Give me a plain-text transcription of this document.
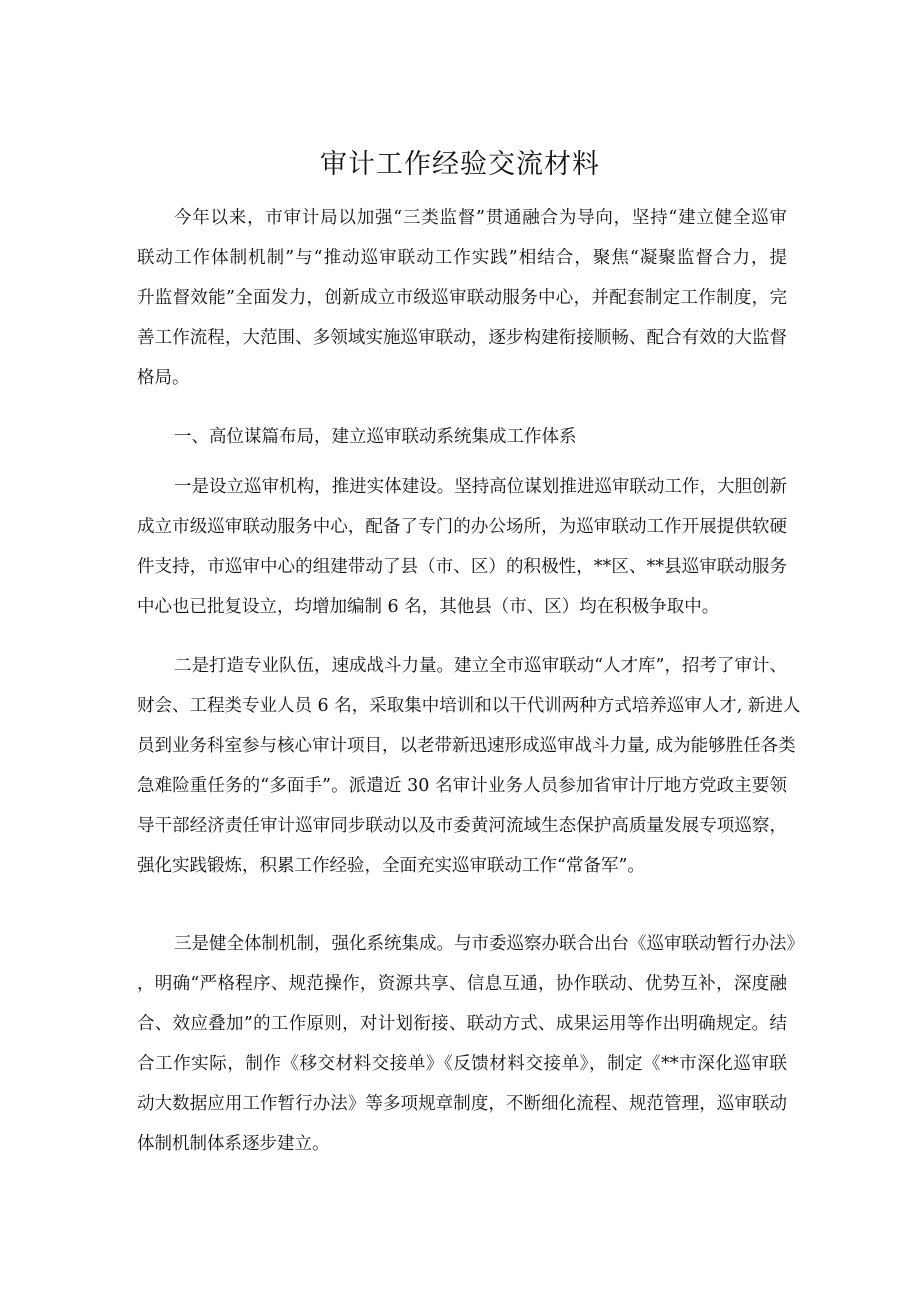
审计工作经验交流材料
今年以来，市审计局以加强“三类监督”贯通融合为导向，坚持“建立健全巡审
联动工作体制机制”与“推动巡审联动工作实践”相结合，聚焦“凝聚监督合力，提
升监督效能”全面发力，创新成立市级巡审联动服务中心，并配套制定工作制度，完
善工作流程，大范围、多领域实施巡审联动，逐步构建衔接顺畅、配合有效的大监督
格局。
一、高位谋篇布局，建立巡审联动系统集成工作体系
一是设立巡审机构，推进实体建设。坚持高位谋划推进巡审联动工作，大胆创新
成立市级巡审联动服务中心，配备了专门的办公场所，为巡审联动工作开展提供软硬
件支持，市巡审中心的组建带动了县（市、区）的积极性，**区、**县巡审联动服务
中心也已批复设立，均增加编制 6 名，其他县（市、区）均在积极争取中。
二是打造专业队伍，速成战斗力量。建立全市巡审联动“人才库”，招考了审计、
财会、工程类专业人员 6 名，采取集中培训和以干代训两种方式培养巡审人才, 新进人
员到业务科室参与核心审计项目，以老带新迅速形成巡审战斗力量, 成为能够胜任各类
急难险重任务的“多面手”。派遣近 30 名审计业务人员参加省审计厅地方党政主要领
导干部经济责任审计巡审同步联动以及市委黄河流域生态保护高质量发展专项巡察，
强化实践锻炼，积累工作经验，全面充实巡审联动工作“常备军”。
三是健全体制机制，强化系统集成。与市委巡察办联合出台《巡审联动暂行办法》
，明确“严格程序、规范操作，资源共享、信息互通，协作联动、优势互补，深度融
合、效应叠加”的工作原则，对计划衔接、联动方式、成果运用等作出明确规定。结
合工作实际，制作《移交材料交接单》《反馈材料交接单》，制定《**市深化巡审联
动大数据应用工作暂行办法》等多项规章制度，不断细化流程、规范管理，巡审联动
体制机制体系逐步建立。
